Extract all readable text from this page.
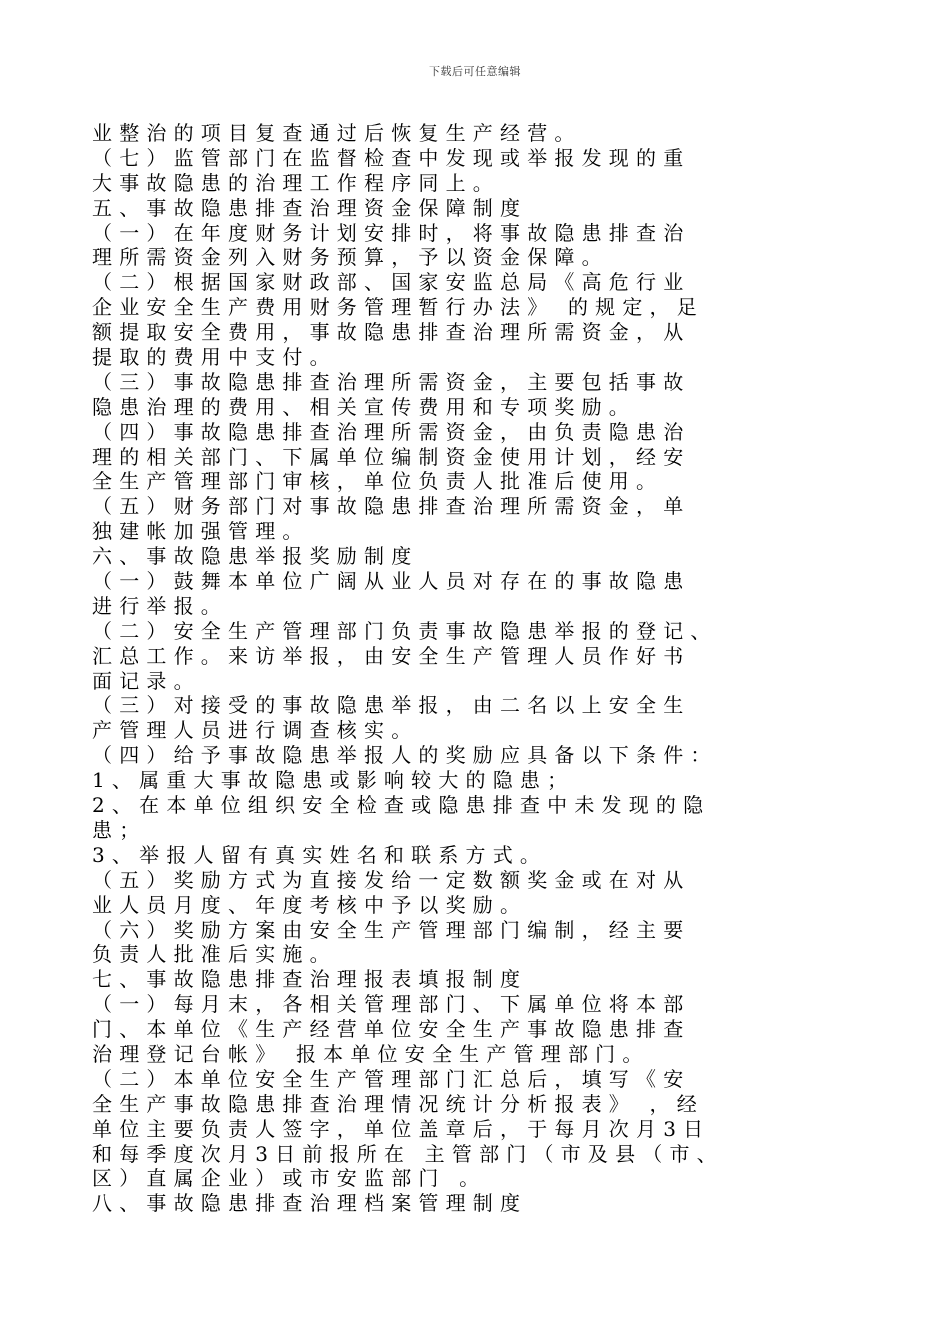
下载后可任意编辑
业整治的项目复查通过后恢复生产经营。
（七）监管部门在监督检查中发现或举报发现的重
大事故隐患的治理工作程序同上。
五、事故隐患排查治理资金保障制度
（一）在年度财务计划安排时，将事故隐患排查治
理所需资金列入财务预算，予以资金保障。
（二）根据国家财政部、国家安监总局《高危行业
企业安全生产费用财务管理暂行办法》 的规定，足
额提取安全费用，事故隐患排查治理所需资金，从
提取的费用中支付。
（三）事故隐患排查治理所需资金，主要包括事故
隐患治理的费用、相关宣传费用和专项奖励。
（四）事故隐患排查治理所需资金，由负责隐患治
理的相关部门、下属单位编制资金使用计划，经安
全生产管理部门审核，单位负责人批准后使用。
（五）财务部门对事故隐患排查治理所需资金，单
独建帐加强管理。
六、事故隐患举报奖励制度
（一）鼓舞本单位广阔从业人员对存在的事故隐患
进行举报。
（二）安全生产管理部门负责事故隐患举报的登记、
汇总工作。来访举报，由安全生产管理人员作好书
面记录。
（三）对接受的事故隐患举报，由二名以上安全生
产管理人员进行调查核实。
（四）给予事故隐患举报人的奖励应具备以下条件：
1、属重大事故隐患或影响较大的隐患；
2、在本单位组织安全检查或隐患排查中未发现的隐
患；
3、举报人留有真实姓名和联系方式。
（五）奖励方式为直接发给一定数额奖金或在对从
业人员月度、年度考核中予以奖励。
（六）奖励方案由安全生产管理部门编制，经主要
负责人批准后实施。
七、事故隐患排查治理报表填报制度
（一）每月末，各相关管理部门、下属单位将本部
门、本单位《生产经营单位安全生产事故隐患排查
治理登记台帐》 报本单位安全生产管理部门。
（二）本单位安全生产管理部门汇总后，填写《安
全生产事故隐患排查治理情况统计分析报表》 ，经
单位主要负责人签字，单位盖章后，于每月次月3日
和每季度次月3日前报所在 主管部门（市及县（市、
区）直属企业）或市安监部门 。
八、事故隐患排查治理档案管理制度
